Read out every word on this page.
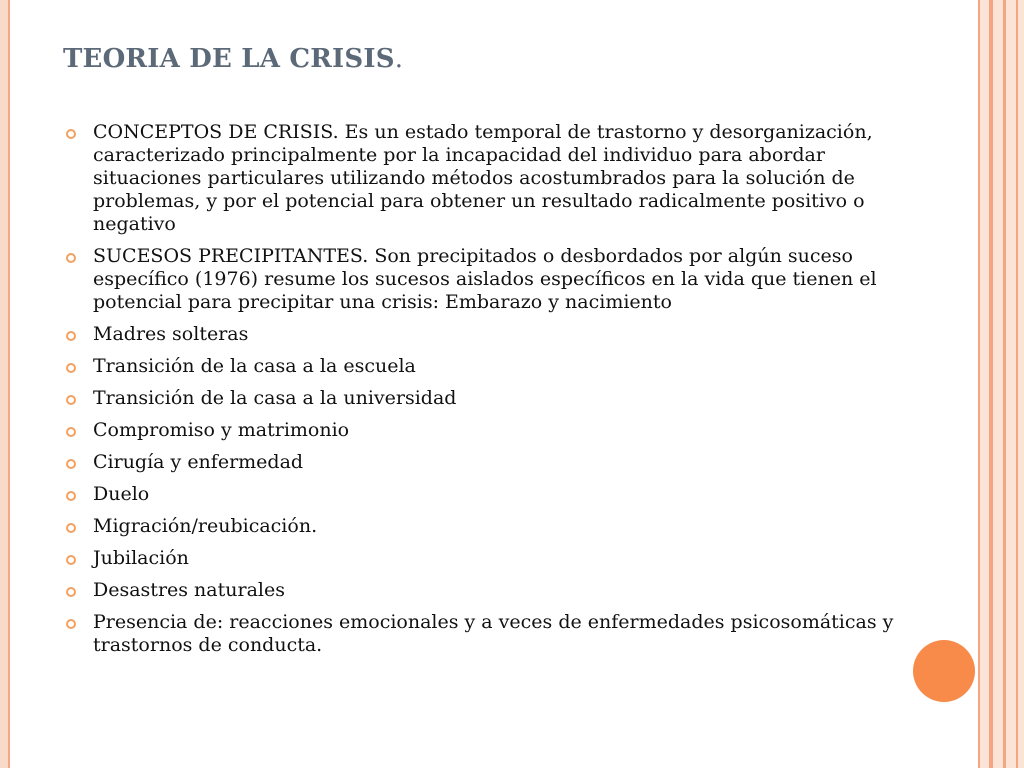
TEORIA DE LA CRISIS.
CONCEPTOS DE CRISIS. Es un estado temporal de trastorno y desorganización, caracterizado principalmente por la incapacidad del individuo para abordar situaciones particulares utilizando métodos acostumbrados para la solución de problemas, y por el potencial para obtener un resultado radicalmente positivo o negativo
SUCESOS PRECIPITANTES. Son precipitados o desbordados por algún suceso específico (1976) resume los sucesos aislados específicos en la vida que tienen el potencial para precipitar una crisis: Embarazo y nacimiento
Madres solteras
Transición de la casa a la escuela
Transición de la casa a la universidad
Compromiso y matrimonio
Cirugía y enfermedad
Duelo
Migración/reubicación.
Jubilación
Desastres naturales
Presencia de: reacciones emocionales y a veces de enfermedades psicosomáticas y trastornos de conducta.
